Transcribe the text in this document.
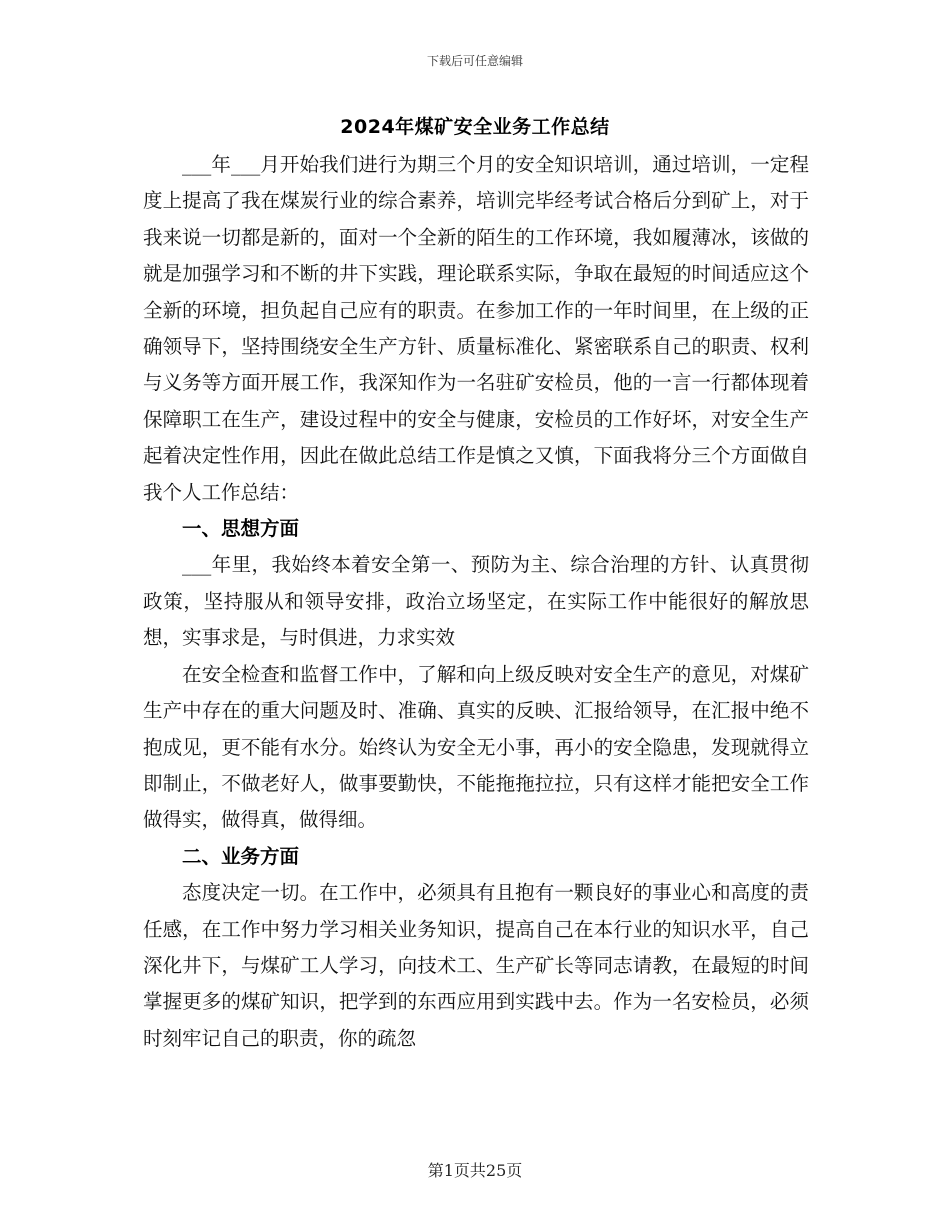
下载后可任意编辑
2024年煤矿安全业务工作总结

___年___月开始我们进行为期三个月的安全知识培训，通过培训，一定程度上提高了我在煤炭行业的综合素养，培训完毕经考试合格后分到矿上，对于我来说一切都是新的，面对一个全新的陌生的工作环境，我如履薄冰，该做的就是加强学习和不断的井下实践，理论联系实际，争取在最短的时间适应这个全新的环境，担负起自己应有的职责。在参加工作的一年时间里，在上级的正确领导下，坚持围绕安全生产方针、质量标准化、紧密联系自己的职责、权利与义务等方面开展工作，我深知作为一名驻矿安检员，他的一言一行都体现着保障职工在生产，建设过程中的安全与健康，安检员的工作好坏，对安全生产起着决定性作用，因此在做此总结工作是慎之又慎，下面我将分三个方面做自我个人工作总结：

一、思想方面

___年里，我始终本着安全第一、预防为主、综合治理的方针、认真贯彻政策，坚持服从和领导安排，政治立场坚定，在实际工作中能很好的解放思想，实事求是，与时俱进，力求实效

在安全检查和监督工作中，了解和向上级反映对安全生产的意见，对煤矿生产中存在的重大问题及时、准确、真实的反映、汇报给领导，在汇报中绝不抱成见，更不能有水分。始终认为安全无小事，再小的安全隐患，发现就得立即制止，不做老好人，做事要勤快，不能拖拖拉拉，只有这样才能把安全工作做得实，做得真，做得细。

二、业务方面

态度决定一切。在工作中，必须具有且抱有一颗良好的事业心和高度的责任感，在工作中努力学习相关业务知识，提高自己在本行业的知识水平，自己深化井下，与煤矿工人学习，向技术工、生产矿长等同志请教，在最短的时间掌握更多的煤矿知识，把学到的东西应用到实践中去。作为一名安检员，必须时刻牢记自己的职责，你的疏忽

第1页共25页
